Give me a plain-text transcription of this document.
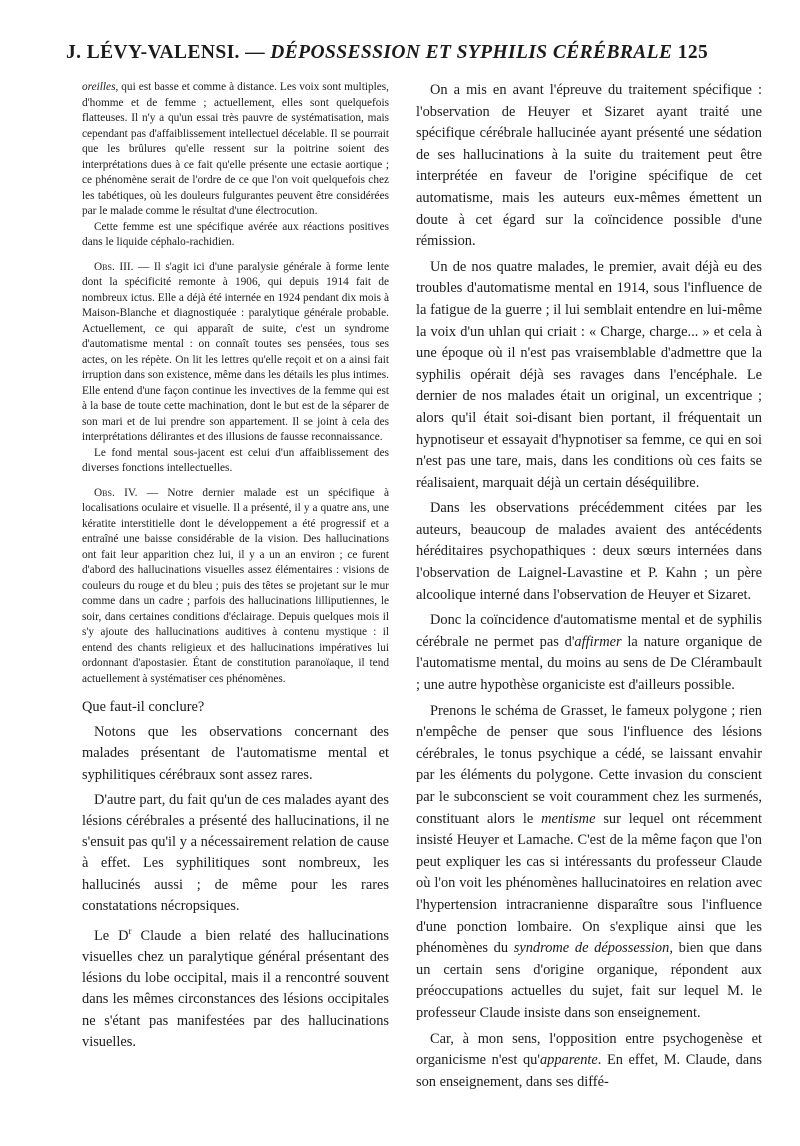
J. LÉVY-VALENSI. — DÉPOSSESSION ET SYPHILIS CÉRÉBRALE 125

oreilles, qui est basse et comme à distance. Les voix sont multiples, d'homme et de femme ; actuellement, elles sont quelquefois flatteuses. Il n'y a qu'un essai très pauvre de systématisation, mais cependant pas d'affaiblissement intellectuel décelable. Il se pourrait que les brûlures qu'elle ressent sur la poitrine soient des interprétations dues à ce fait qu'elle présente une ectasie aortique ; ce phénomène serait de l'ordre de ce que l'on voit quelquefois chez les tabétiques, où les douleurs fulgurantes peuvent être considérées par le malade comme le résultat d'une électrocution.

Cette femme est une spécifique avérée aux réactions positives dans le liquide céphalo-rachidien.

Obs. III. — Il s'agit ici d'une paralysie générale à forme lente dont la spécificité remonte à 1906, qui depuis 1914 fait de nombreux ictus. Elle a déjà été internée en 1924 pendant dix mois à Maison-Blanche et diagnostiquée : paralytique générale probable. Actuellement, ce qui apparaît de suite, c'est un syndrome d'automatisme mental : on connaît toutes ses pensées, tous ses actes, on les répète. On lit les lettres qu'elle reçoit et on a ainsi fait irruption dans son existence, même dans les détails les plus intimes. Elle entend d'une façon continue les invectives de la femme qui est à la base de toute cette machination, dont le but est de la séparer de son mari et de lui prendre son appartement. Il se joint à cela des interprétations délirantes et des illusions de fausse reconnaissance.

Le fond mental sous-jacent est celui d'un affaiblissement des diverses fonctions intellectuelles.

Obs. IV. — Notre dernier malade est un spécifique à localisations oculaire et visuelle. Il a présenté, il y a quatre ans, une kératite interstitielle dont le développement a été progressif et a entraîné une baisse considérable de la vision. Des hallucinations ont fait leur apparition chez lui, il y a un an environ ; ce furent d'abord des hallucinations visuelles assez élémentaires : visions de couleurs du rouge et du bleu ; puis des têtes se projetant sur le mur comme dans un cadre ; parfois des hallucinations lilliputiennes, le soir, dans certaines conditions d'éclairage. Depuis quelques mois il s'y ajoute des hallucinations auditives à contenu mystique : il entend des chants religieux et des hallucinations impératives lui ordonnant d'apostasier. Étant de constitution paranoïaque, il tend actuellement à systématiser ces phénomènes.

Que faut-il conclure?

Notons que les observations concernant des malades présentant de l'automatisme mental et syphilitiques cérébraux sont assez rares.

D'autre part, du fait qu'un de ces malades ayant des lésions cérébrales a présenté des hallucinations, il ne s'ensuit pas qu'il y a nécessairement relation de cause à effet. Les syphilitiques sont nombreux, les hallucinés aussi ; de même pour les rares constatations nécropsiques.

Le $D^r$ Claude a bien relaté des hallucinations visuelles chez un paralytique général présentant des lésions du lobe occipital, mais il a rencontré souvent dans les mêmes circonstances des lésions occipitales ne s'étant pas manifestées par des hallucinations visuelles.

On a mis en avant l'épreuve du traitement spécifique : l'observation de Heuyer et Sizaret ayant traité une spécifique cérébrale hallucinée ayant présenté une sédation de ses hallucinations à la suite du traitement peut être interprétée en faveur de l'origine spécifique de cet automatisme, mais les auteurs eux-mêmes émettent un doute à cet égard sur la coïncidence possible d'une rémission.

Un de nos quatre malades, le premier, avait déjà eu des troubles d'automatisme mental en 1914, sous l'influence de la fatigue de la guerre ; il lui semblait entendre en lui-même la voix d'un uhlan qui criait : « Charge, charge... » et cela à une époque où il n'est pas vraisemblable d'admettre que la syphilis opérait déjà ses ravages dans l'encéphale. Le dernier de nos malades était un original, un excentrique ; alors qu'il était soi-disant bien portant, il fréquentait un hypnotiseur et essayait d'hypnotiser sa femme, ce qui en soi n'est pas une tare, mais, dans les conditions où ces faits se réalisaient, marquait déjà un certain déséquilibre.

Dans les observations précédemment citées par les auteurs, beaucoup de malades avaient des antécédents héréditaires psychopathiques : deux sœurs internées dans l'observation de Laignel-Lavastine et P. Kahn ; un père alcoolique interné dans l'observation de Heuyer et Sizaret.

Donc la coïncidence d'automatisme mental et de syphilis cérébrale ne permet pas d'affirmer la nature organique de l'automatisme mental, du moins au sens de De Clérambault ; une autre hypothèse organiciste est d'ailleurs possible.

Prenons le schéma de Grasset, le fameux polygone ; rien n'empêche de penser que sous l'influence des lésions cérébrales, le tonus psychique a cédé, se laissant envahir par les éléments du polygone. Cette invasion du conscient par le subconscient se voit couramment chez les surmenés, constituant alors le mentisme sur lequel ont récemment insisté Heuyer et Lamache. C'est de la même façon que l'on peut expliquer les cas si intéressants du professeur Claude où l'on voit les phénomènes hallucinatoires en relation avec l'hypertension intracranienne disparaître sous l'influence d'une ponction lombaire. On s'explique ainsi que les phénomènes du syndrome de dépossession, bien que dans un certain sens d'origine organique, répondent aux préoccupations actuelles du sujet, fait sur lequel M. le professeur Claude insiste dans son enseignement.

Car, à mon sens, l'opposition entre psychogenèse et organicisme n'est qu'apparente. En effet, M. Claude, dans son enseignement, dans ses diffé-
